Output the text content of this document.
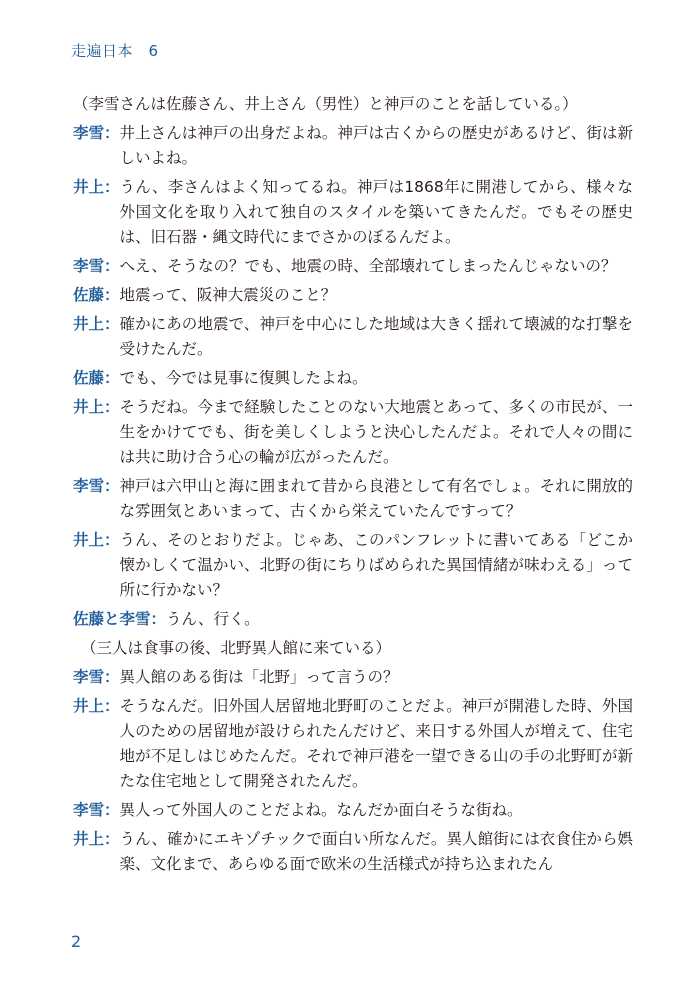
走遍日本　6
（李雪さんは佐藤さん、井上さん（男性）と神戸のことを話している。）
李雪： 井上さんは神戸の出身だよね。神戸は古くからの歴史があるけど、街は新しいよね。
井上： うん、李さんはよく知ってるね。神戸は1868年に開港してから、様々な外国文化を取り入れて独自のスタイルを築いてきたんだ。でもその歴史は、旧石器・縄文時代にまでさかのぼるんだよ。
李雪： へえ、そうなの？でも、地震の時、全部壊れてしまったんじゃないの？
佐藤： 地震って、阪神大震災のこと？
井上： 確かにあの地震で、神戸を中心にした地域は大きく揺れて壊滅的な打撃を受けたんだ。
佐藤： でも、今では見事に復興したよね。
井上： そうだね。今まで経験したことのない大地震とあって、多くの市民が、一生をかけてでも、街を美しくしようと決心したんだよ。それで人々の間には共に助け合う心の輪が広がったんだ。
李雪： 神戸は六甲山と海に囲まれて昔から良港として有名でしょ。それに開放的な雰囲気とあいまって、古くから栄えていたんですって？
井上： うん、そのとおりだよ。じゃあ、このパンフレットに書いてある「どこか懐かしくて温かい、北野の街にちりばめられた異国情緒が味わえる」って所に行かない？
佐藤と李雪： うん、行く。
（三人は食事の後、北野異人館に来ている）
李雪： 異人館のある街は「北野」って言うの？
井上： そうなんだ。旧外国人居留地北野町のことだよ。神戸が開港した時、外国人のための居留地が設けられたんだけど、来日する外国人が増えて、住宅地が不足しはじめたんだ。それで神戸港を一望できる山の手の北野町が新たな住宅地として開発されたんだ。
李雪： 異人って外国人のことだよね。なんだか面白そうな街ね。
井上： うん、確かにエキゾチックで面白い所なんだ。異人館街には衣食住から娯楽、文化まで、あらゆる面で欧米の生活様式が持ち込まれたん
2
